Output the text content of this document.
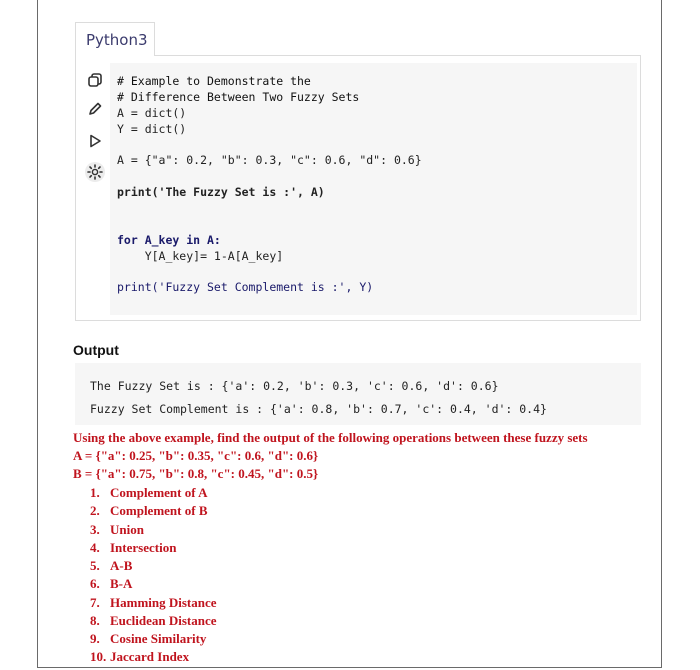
Python3
# Example to Demonstrate the
# Difference Between Two Fuzzy Sets
A = dict()
Y = dict()
A = {"a": 0.2, "b": 0.3, "c": 0.6, "d": 0.6}
print('The Fuzzy Set is :', A)
for A_key in A:
Y[A_key]= 1-A[A_key]
print('Fuzzy Set Complement is :', Y)
Output
The Fuzzy Set is : {'a': 0.2, 'b': 0.3, 'c': 0.6, 'd': 0.6}
Fuzzy Set Complement is : {'a': 0.8, 'b': 0.7, 'c': 0.4, 'd': 0.4}
Using the above example, find the output of the following operations between these fuzzy sets
A = {"a": 0.25, "b": 0.35, "c": 0.6, "d": 0.6}
B = {"a": 0.75, "b": 0.8, "c": 0.45, "d": 0.5}
1. Complement of A
2. Complement of B
3. Union
4. Intersection
5. A-B
6. B-A
7. Hamming Distance
8. Euclidean Distance
9. Cosine Similarity
10. Jaccard Index
